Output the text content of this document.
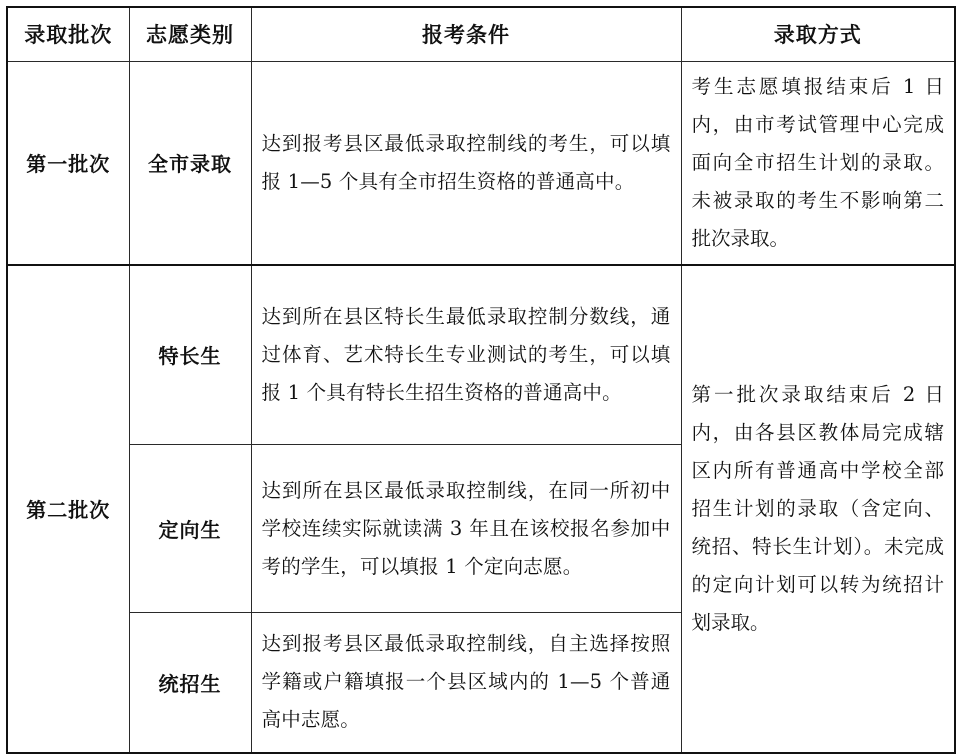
录取批次	志愿类别	报考条件	录取方式
第一批次	全市录取	达到报考县区最低录取控制线的考生，可以填报 1—5 个具有全市招生资格的普通高中。	考生志愿填报结束后 1 日内，由市考试管理中心完成面向全市招生计划的录取。未被录取的考生不影响第二批次录取。
第二批次	特长生	达到所在县区特长生最低录取控制分数线，通过体育、艺术特长生专业测试的考生，可以填报 1 个具有特长生招生资格的普通高中。	第一批次录取结束后 2 日内，由各县区教体局完成辖区内所有普通高中学校全部招生计划的录取（含定向、统招、特长生计划）。未完成的定向计划可以转为统招计划录取。
	定向生	达到所在县区最低录取控制线，在同一所初中学校连续实际就读满 3 年且在该校报名参加中考的学生，可以填报 1 个定向志愿。	
	统招生	达到报考县区最低录取控制线，自主选择按照学籍或户籍填报一个县区域内的 1—5 个普通高中志愿。	
